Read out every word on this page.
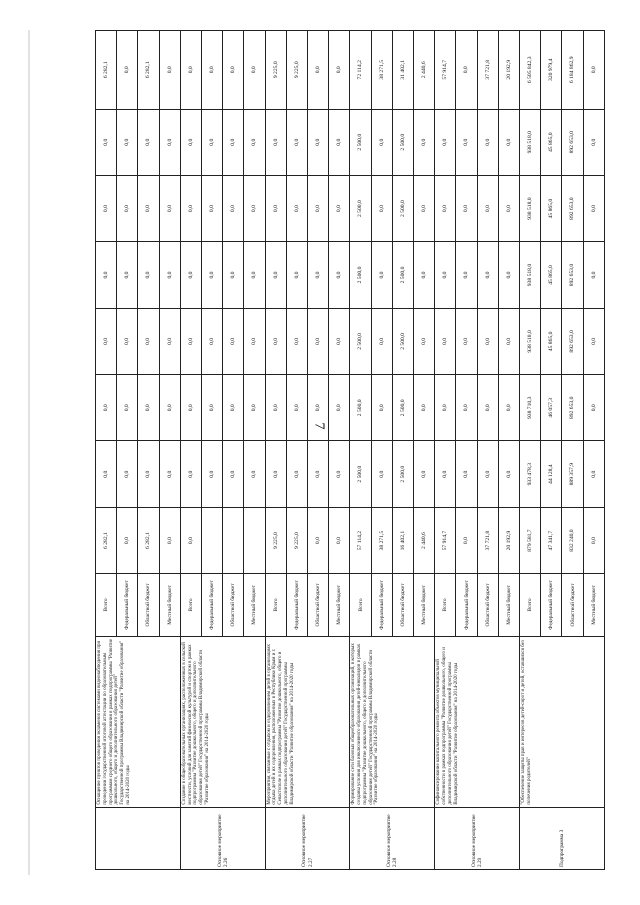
7
	Оснащение пунктов проведения экзаменов системами видеонаблюдения при проведении государственной итоговой аттестации по образовательным программам среднего общего образования в рамках подпрограммы "Развитие дошкольного, общего и дополнительного образования детей" Государственной программы Владимирской области "Развитие образования" на 2014-2020 годы	Всего	6 282,1	0,0	0,0	0,0	0,0	0,0	0,0	6 282,1
		Федеральный бюджет	0,0	0,0	0,0	0,0	0,0	0,0	0,0	0,0
		Областной бюджет	6 282,1	0,0	0,0	0,0	0,0	0,0	0,0	6 282,1
		Местный бюджет	0,0	0,0	0,0	0,0	0,0	0,0	0,0	0,0
Основное мероприятие 2.26	Создание в общеобразовательных организациях, расположенных в сельской местности, условий для занятий физической культурой и спортом в рамках подпрограммы "Развитие дошкольного, общего и дополнительного образования детей" Государственной программы Владимирской области "Развитие образования" на 2014-2020 годы	Всего	0,0	0,0	0,0	0,0	0,0	0,0	0,0	0,0
		Федеральный бюджет		0,0	0,0	0,0	0,0	0,0	0,0	0,0
		Областной бюджет		0,0	0,0	0,0	0,0	0,0	0,0	0,0
		Местный бюджет		0,0	0,0	0,0	0,0	0,0	0,0	0,0
Основное мероприятие 2.27	Мероприятия, связанные с отдыхом и оздоровлением детей в организациях отдыха детей и их оздоровления, расположенных в Республике Крым и г. Севастополе в рамках подпрограммы "Развитие дошкольного, общего и дополнительного образования детей" Государственной программы Владимирской области "Развитие образования" на 2014-2020 годы	Всего	9 225,0	0,0	0,0	0,0	0,0	0,0	0,0	9 225,0
		Федеральный бюджет	9 225,0	0,0	0,0	0,0	0,0	0,0	0,0	9 225,0
		Областной бюджет	0,0	0,0	0,0	0,0	0,0	0,0	0,0	0,0
		Местный бюджет	0,0	0,0	0,0	0,0	0,0	0,0	0,0	0,0
Основное мероприятие 2.28	Формирование сети базовых общеобразовательных организаций, в которых созданы условия для инклюзивного образования детей-инвалидов в рамках подпрограммы "Развитие дошкольного, общего и дополнительного образования детей" Государственной программы Владимирской области "Развитие образования" на 2014-2020 годы	Всего	57 114,2	2 500,0	2 500,0	2 500,0	2 500,0	2 500,0	2 500,0	72 114,2
		Федеральный бюджет	38 271,5	0,0	0,0	0,0	0,0	0,0	0,0	38 271,5
		Областной бюджет	16 402,1	2 500,0	2 500,0	2 500,0	2 500,0	2 500,0	2 500,0	31 402,1
		Местный бюджет	2 440,6	0,0	0,0	0,0	0,0	0,0	0,0	2 440,6
Основное мероприятие 2.29	Софинансирование капитального ремонта объектов муниципальной собственности в рамках подпрограммы "Развитие дошкольного, общего и дополнительного образования детей" Государственной программы Владимирской области "Развитие образования" на 2014-2020 годы	Всего	57 914,7	0,0	0,0	0,0	0,0	0,0	0,0	57 914,7
		Федеральный бюджет	0,0	0,0	0,0	0,0	0,0	0,0	0,0	0,0
		Областной бюджет	37 721,8	0,0	0,0	0,0	0,0	0,0	0,0	37 721,8
		Местный бюджет	20 192,9	0,0	0,0	0,0	0,0	0,0	0,0	20 192,9
Подпрограмма 3	"Обеспечение защиты прав и интересов детей-сирот и детей, оставшихся без попечения родителей"	Всего	879 581,7	933 478,3	938 710,3	938 518,0	938 518,0	938 518,0	938 518,0	6 505 842,3
		Федеральный бюджет	47 341,7	44 128,4	46 057,3	45 865,0	45 865,0	45 865,0	45 865,0	320 979,4
		Областной бюджет	832 240,0	889 357,9	892 653,0	892 653,0	892 653,0	892 653,0	892 653,0	6 184 862,9
		Местный бюджет	0,0	0,0	0,0	0,0	0,0	0,0	0,0	0,0
